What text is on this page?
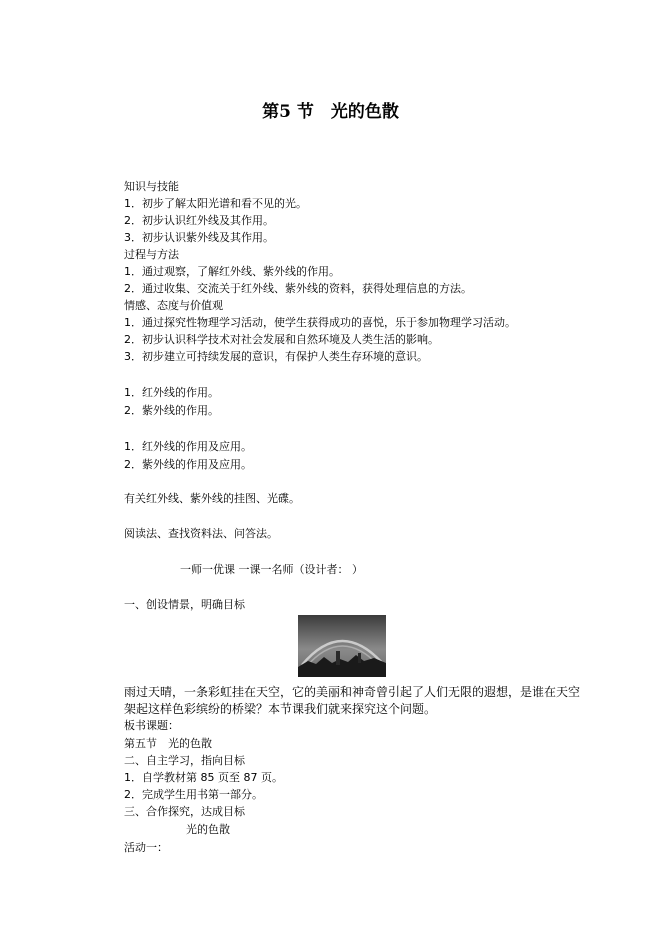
第5 节　光的色散
知识与技能
1．初步了解太阳光谱和看不见的光。
2．初步认识红外线及其作用。
3．初步认识紫外线及其作用。
过程与方法
1．通过观察，了解红外线、紫外线的作用。
2．通过收集、交流关于红外线、紫外线的资料，获得处理信息的方法。
情感、态度与价值观
1．通过探究性物理学习活动，使学生获得成功的喜悦，乐于参加物理学习活动。
2．初步认识科学技术对社会发展和自然环境及人类生活的影响。
3．初步建立可持续发展的意识，有保护人类生存环境的意识。
1．红外线的作用。
2．紫外线的作用。
1．红外线的作用及应用。
2．紫外线的作用及应用。
有关红外线、紫外线的挂图、光碟。
阅读法、查找资料法、问答法。
一师一优课 一课一名师（设计者： ）
一、创设情景，明确目标
雨过天晴，一条彩虹挂在天空，它的美丽和神奇曾引起了人们无限的遐想，是谁在天空
架起这样色彩缤纷的桥梁？本节课我们就来探究这个问题。
板书课题：
第五节　光的色散
二、自主学习，指向目标
1．自学教材第 85 页至 87 页。
2．完成学生用书第一部分。
三、合作探究，达成目标
光的色散
活动一：
